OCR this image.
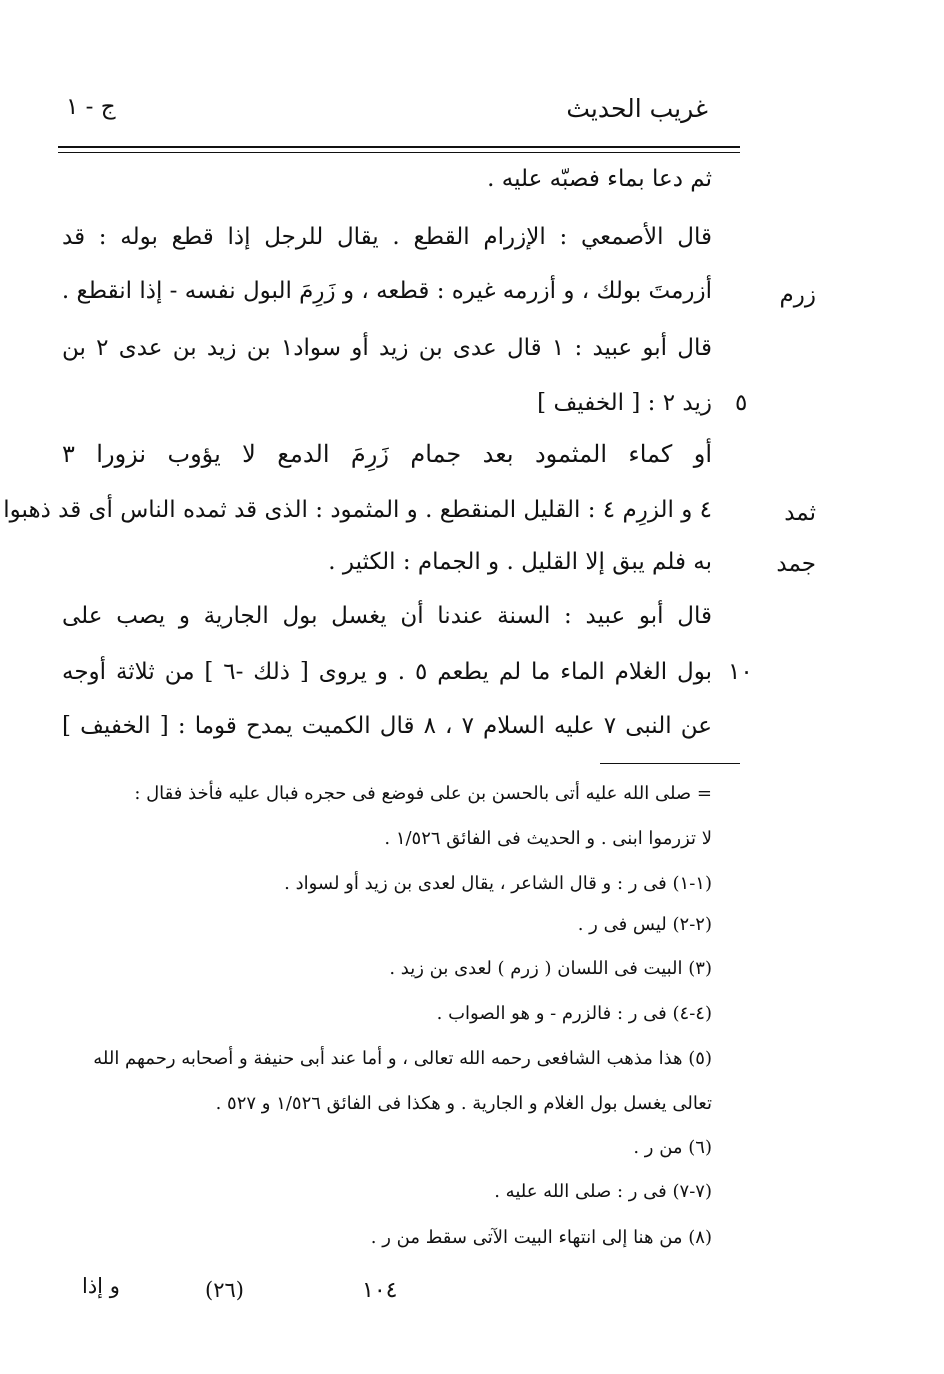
غريب الحديث
ج - ١
ثم دعا بماء فصبّه عليه .
قال الأصمعي : الإزرام القطع . يقال للرجل إذا قطع بوله : قد
أزرمتَ بولك ، و أزرمه غيره : قطعه ، و زَرِمَ البول نفسه - إذا انقطع .
قال أبو عبيد : ١ قال عدى بن زيد أو سواد١ بن زيد بن عدى ٢ بن
زيد ٢ : [ الخفيف ]
أو كماء المثمود بعد جمام زَرِمَ الدمع لا يؤوب نزورا ٣
٤ و الزرِم ٤ : القليل المنقطع . و المثمود : الذى قد ثمده الناس أى قد ذهبوا
به فلم يبق إلا القليل . و الجمام : الكثير .
قال أبو عبيد : السنة عندنا أن يغسل بول الجارية و يصب على
بول الغلام الماء ما لم يطعم ٥ . و يروى [ ذلك -٦ ] من ثلاثة أوجه
عن النبى ٧ عليه السلام ٧ ، ٨ قال الكميت يمدح قوما : [ الخفيف ]
زرم
ثمد
جمد
٥
١٠
= صلى الله عليه أتى بالحسن بن على فوضع فى حجره فبال عليه فأخذ فقال :
لا تزرموا ابنى . و الحديث فى الفائق ١/٥٢٦ .
(١-١) فى ر : و قال الشاعر ، يقال لعدى بن زيد أو لسواد .
(٢-٢) ليس فى ر .
(٣) البيت فى اللسان ( زرم ) لعدى بن زيد .
(٤-٤) فى ر : فالزرم - و هو الصواب .
(٥) هذا مذهب الشافعى رحمه الله تعالى ، و أما عند أبى حنيفة و أصحابه رحمهم الله
تعالى يغسل بول الغلام و الجارية . و هكذا فى الفائق ١/٥٢٦ و ٥٢٧ .
(٦) من ر .
(٧-٧) فى ر : صلى الله عليه .
(٨) من هنا إلى انتهاء البيت الآتى سقط من ر .
١٠٤
(٢٦)
و إذا
